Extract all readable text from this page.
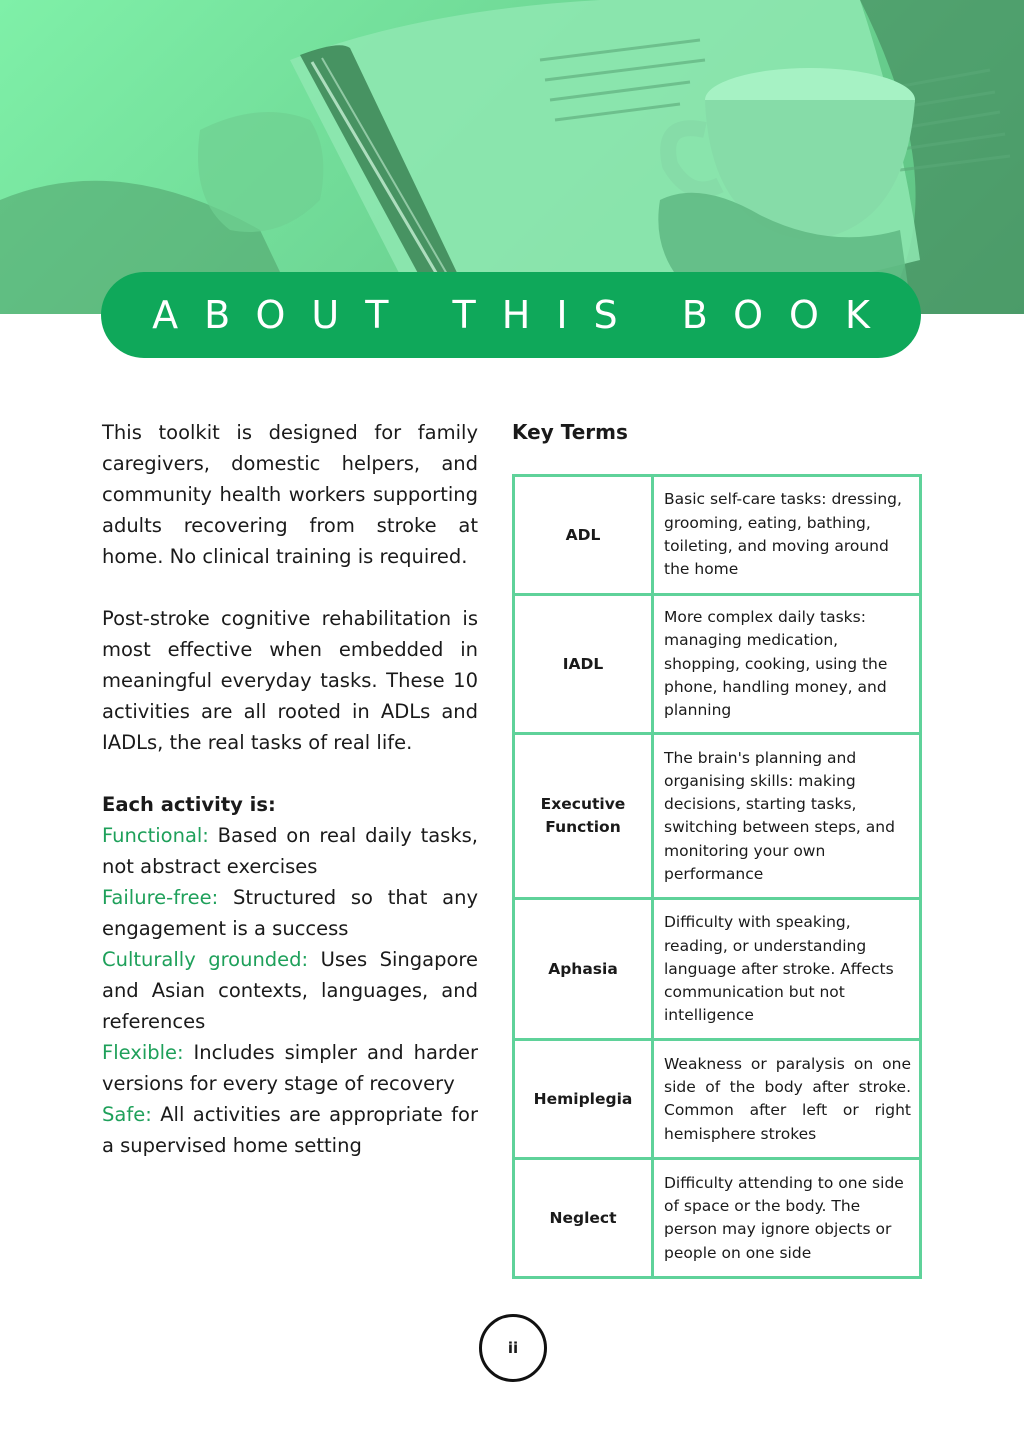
ABOUT THIS BOOK

This toolkit is designed for family caregivers, domestic helpers, and community health workers supporting adults recovering from stroke at home. No clinical training is required.

Post-stroke cognitive rehabilitation is most effective when embedded in meaningful everyday tasks. These 10 activities are all rooted in ADLs and IADLs, the real tasks of real life.

Each activity is:

Functional: Based on real daily tasks, not abstract exercises

Failure-free: Structured so that any engagement is a success

Culturally grounded: Uses Singapore and Asian contexts, languages, and references

Flexible: Includes simpler and harder versions for every stage of recovery

Safe: All activities are appropriate for a supervised home setting

Key Terms
ADL	Basic self-care tasks: dressing, grooming, eating, bathing, toileting, and moving around the home
IADL	More complex daily tasks: managing medication, shopping, cooking, using the phone, handling money, and planning
Executive Function	The brain's planning and organising skills: making decisions, starting tasks, switching between steps, and monitoring your own performance
Aphasia	Difficulty with speaking, reading, or understanding language after stroke. Affects communication but not intelligence
Hemiplegia	Weakness or paralysis on one side of the body after stroke. Common after left or right hemisphere strokes
Neglect	Difficulty attending to one side of space or the body. The person may ignore objects or people on one side
ii
